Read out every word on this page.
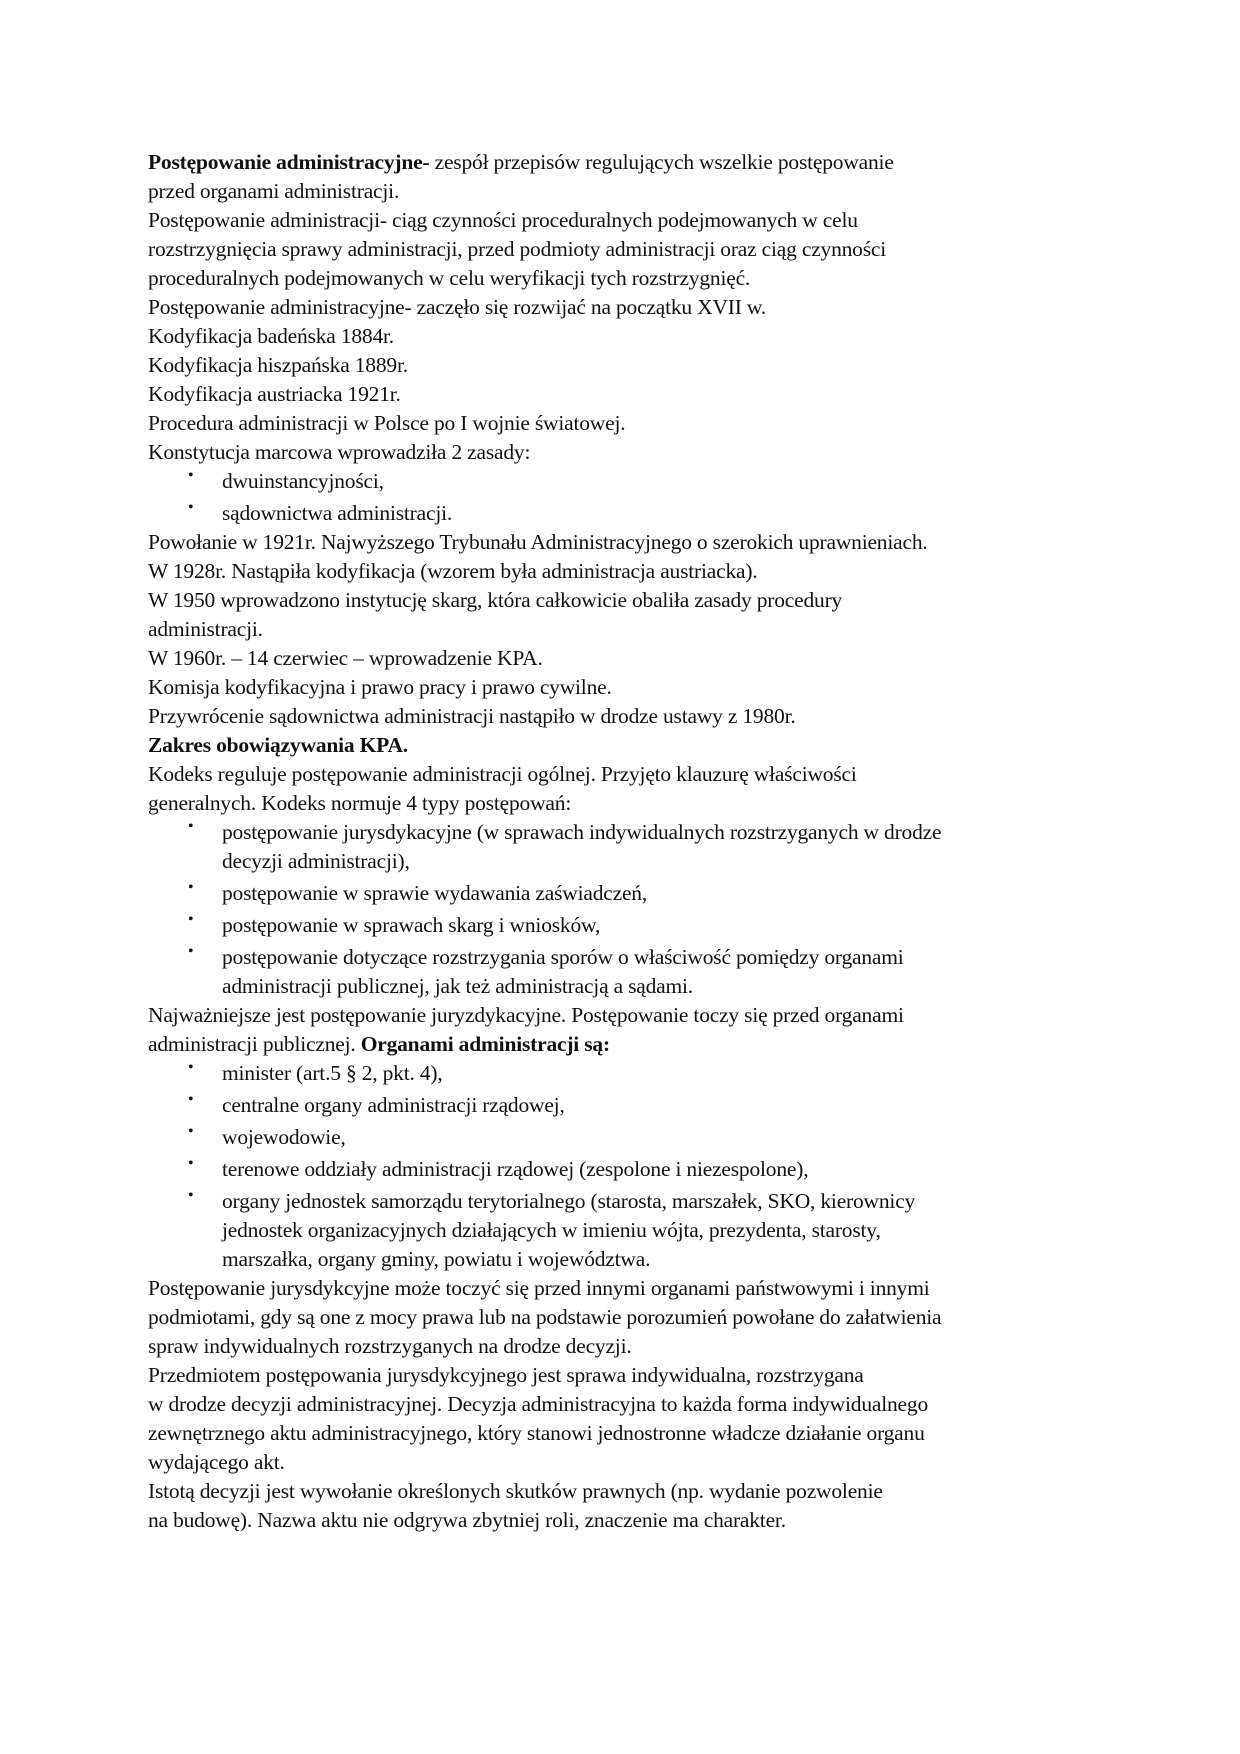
Postępowanie administracyjne- zespół przepisów regulujących wszelkie postępowanie
przed organami administracji.
Postępowanie administracji- ciąg czynności proceduralnych podejmowanych w celu
rozstrzygnięcia sprawy administracji, przed podmioty administracji oraz ciąg czynności
proceduralnych podejmowanych w celu weryfikacji tych rozstrzygnięć.
Postępowanie administracyjne- zaczęło się rozwijać na początku XVII w.
Kodyfikacja badeńska 1884r.
Kodyfikacja hiszpańska 1889r.
Kodyfikacja austriacka 1921r.
Procedura administracji w Polsce po I wojnie światowej.
Konstytucja marcowa wprowadziła 2 zasady:
• dwuinstancyjności,
• sądownictwa administracji.
Powołanie w 1921r. Najwyższego Trybunału Administracyjnego o szerokich uprawnieniach.
W 1928r. Nastąpiła kodyfikacja (wzorem była administracja austriacka).
W 1950 wprowadzono instytucję skarg, która całkowicie obaliła zasady procedury
administracji.
W 1960r. – 14 czerwiec – wprowadzenie KPA.
Komisja kodyfikacyjna i prawo pracy i prawo cywilne.
Przywrócenie sądownictwa administracji nastąpiło w drodze ustawy z 1980r.
Zakres obowiązywania KPA.
Kodeks reguluje postępowanie administracji ogólnej. Przyjęto klauzurę właściwości
generalnych. Kodeks normuje 4 typy postępowań:
• postępowanie jurysdykacyjne (w sprawach indywidualnych rozstrzyganych w drodze
decyzji administracji),
• postępowanie w sprawie wydawania zaświadczeń,
• postępowanie w sprawach skarg i wniosków,
• postępowanie dotyczące rozstrzygania sporów o właściwość pomiędzy organami
administracji publicznej, jak też administracją a sądami.
Najważniejsze jest postępowanie juryzdykacyjne. Postępowanie toczy się przed organami
administracji publicznej. Organami administracji są:
• minister (art.5 § 2, pkt. 4),
• centralne organy administracji rządowej,
• wojewodowie,
• terenowe oddziały administracji rządowej (zespolone i niezespolone),
• organy jednostek samorządu terytorialnego (starosta, marszałek, SKO, kierownicy
jednostek organizacyjnych działających w imieniu wójta, prezydenta, starosty,
marszałka, organy gminy, powiatu i województwa.
Postępowanie jurysdykcyjne może toczyć się przed innymi organami państwowymi i innymi
podmiotami, gdy są one z mocy prawa lub na podstawie porozumień powołane do załatwienia
spraw indywidualnych rozstrzyganych na drodze decyzji.
Przedmiotem postępowania jurysdykcyjnego jest sprawa indywidualna, rozstrzygana
w drodze decyzji administracyjnej. Decyzja administracyjna to każda forma indywidualnego
zewnętrznego aktu administracyjnego, który stanowi jednostronne władcze działanie organu
wydającego akt.
Istotą decyzji jest wywołanie określonych skutków prawnych (np. wydanie pozwolenie
na budowę). Nazwa aktu nie odgrywa zbytniej roli, znaczenie ma charakter.
